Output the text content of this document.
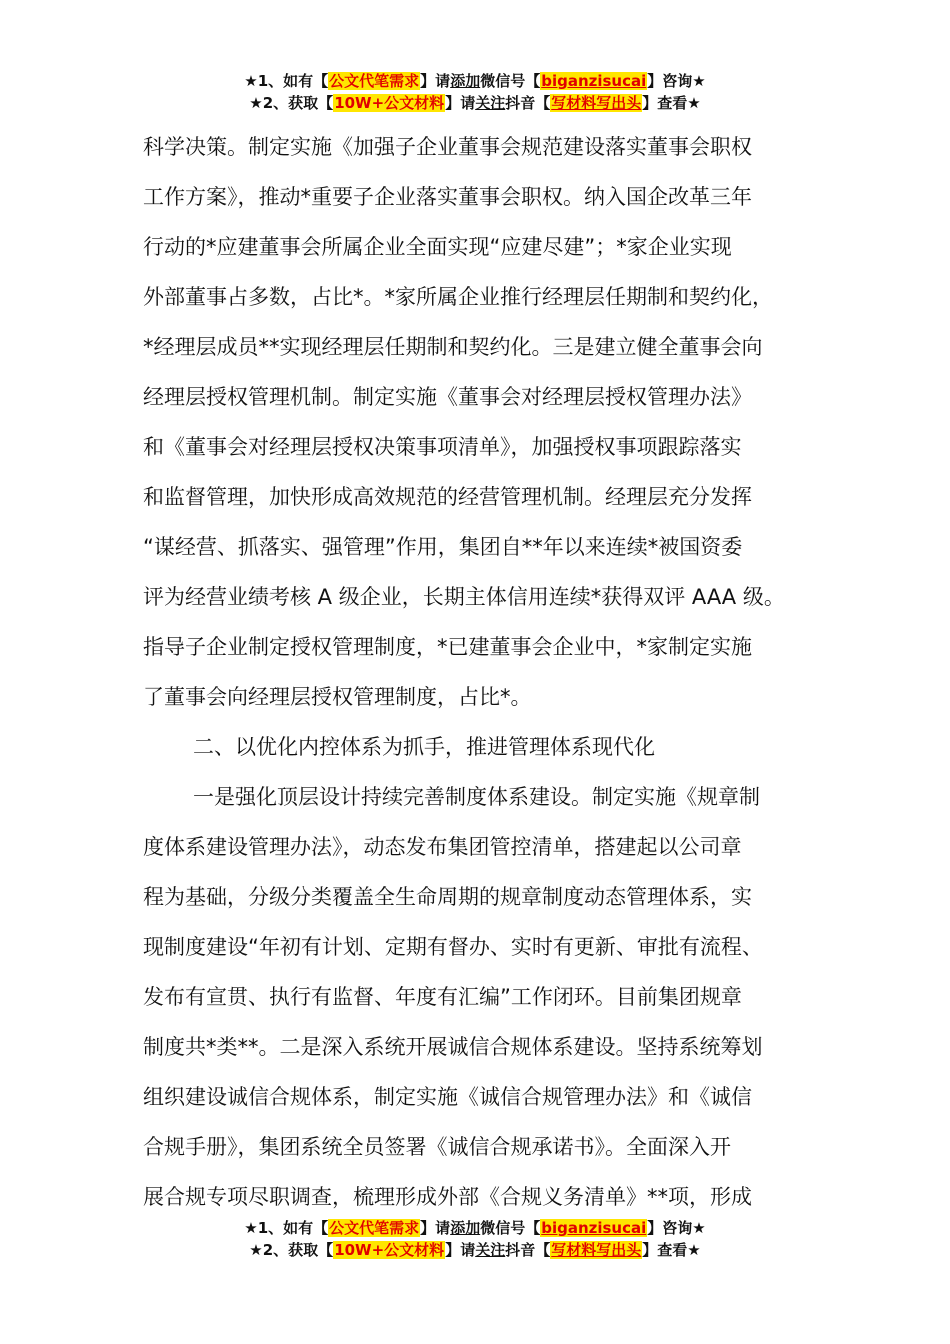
★1、如有【公文代笔需求】请添加微信号【biganzisucai】咨询★
★2、获取【10W+公文材料】请关注抖音【写材料写出头】查看★
科学决策。制定实施《加强子企业董事会规范建设落实董事会职权
工作方案》，推动*重要子企业落实董事会职权。纳入国企改革三年
行动的*应建董事会所属企业全面实现“应建尽建”；*家企业实现
外部董事占多数，占比*。*家所属企业推行经理层任期制和契约化，
*经理层成员**实现经理层任期制和契约化。三是建立健全董事会向
经理层授权管理机制。制定实施《董事会对经理层授权管理办法》
和《董事会对经理层授权决策事项清单》，加强授权事项跟踪落实
和监督管理，加快形成高效规范的经营管理机制。经理层充分发挥
“谋经营、抓落实、强管理”作用，集团自**年以来连续*被国资委
评为经营业绩考核 A 级企业，长期主体信用连续*获得双评 AAA 级。
指导子企业制定授权管理制度，*已建董事会企业中，*家制定实施
了董事会向经理层授权管理制度，占比*。
二、以优化内控体系为抓手，推进管理体系现代化
一是强化顶层设计持续完善制度体系建设。制定实施《规章制
度体系建设管理办法》，动态发布集团管控清单，搭建起以公司章
程为基础，分级分类覆盖全生命周期的规章制度动态管理体系，实
现制度建设“年初有计划、定期有督办、实时有更新、审批有流程、
发布有宣贯、执行有监督、年度有汇编”工作闭环。目前集团规章
制度共*类**。二是深入系统开展诚信合规体系建设。坚持系统筹划
组织建设诚信合规体系，制定实施《诚信合规管理办法》和《诚信
合规手册》，集团系统全员签署《诚信合规承诺书》。全面深入开
展合规专项尽职调查，梳理形成外部《合规义务清单》**项，形成
★1、如有【公文代笔需求】请添加微信号【biganzisucai】咨询★
★2、获取【10W+公文材料】请关注抖音【写材料写出头】查看★
